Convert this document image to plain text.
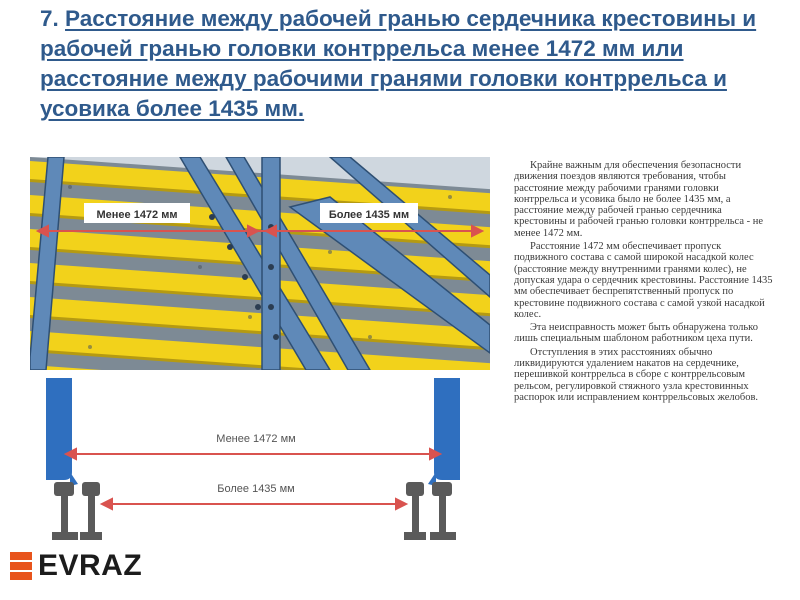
7. Расстояние между рабочей гранью сердечника крестовины и рабочей гранью головки контррельса менее 1472 мм или расстояние между рабочими гранями головки контррельса и усовика более 1435 мм.
Менее 1472 мм	Более 1435 мм
Менее 1472 мм
Более 1435 мм

Крайне важным для обеспечения безопасности движения поездов являются требования, чтобы расстояние между рабочими гранями головки контррельса и усовика было не более 1435 мм, а расстояние между рабочей гранью сердечника крестовины и рабочей гранью головки контррельса - не менее 1472 мм.

Расстояние 1472 мм обеспечивает пропуск подвижного состава с самой широкой насадкой колес (расстояние между внутренними гранями колес), не допуская удара о сердечник крестовины. Расстояние 1435 мм обеспечивает беспрепятственный пропуск по крестовине подвижного состава с самой узкой насадкой колес.

Эта неисправность может быть обнаружена только лишь специальным шаблоном работником цеха пути.

Отступления в этих расстояниях обычно ликвидируются удалением накатов на сердечнике, перешивкой контррельса в сборе с контррельсовым рельсом, регулировкой стяжного узла крестовинных распорок или исправлением контррельсовых желобов.

EVRAZ
